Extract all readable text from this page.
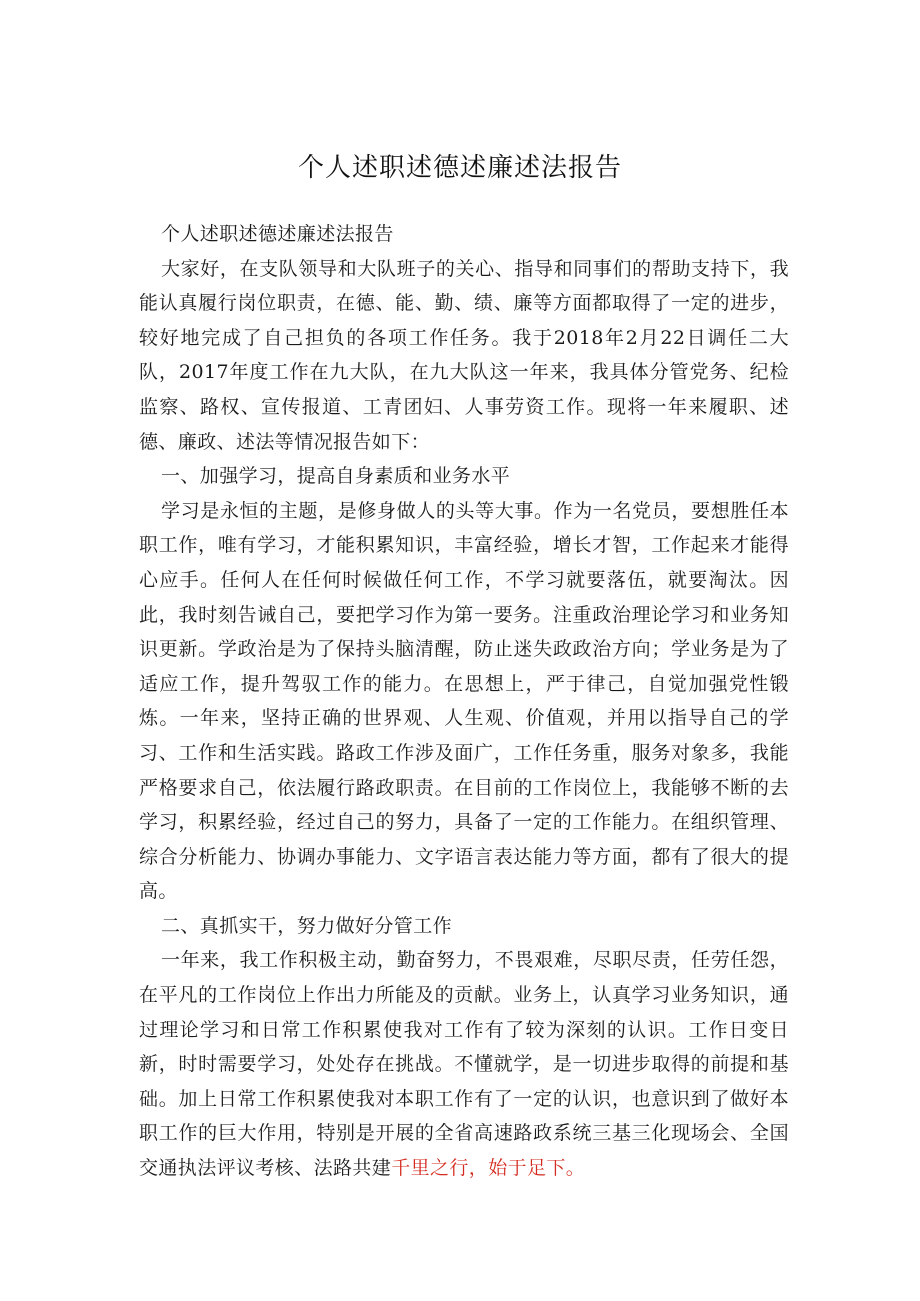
个人述职述德述廉述法报告

个人述职述德述廉述法报告

大家好，在支队领导和大队班子的关心、指导和同事们的帮助支持下，我能认真履行岗位职责，在德、能、勤、绩、廉等方面都取得了一定的进步，较好地完成了自己担负的各项工作任务。我于2018年2月22日调任二大队，2017年度工作在九大队，在九大队这一年来，我具体分管党务、纪检监察、路权、宣传报道、工青团妇、人事劳资工作。现将一年来履职、述德、廉政、述法等情况报告如下：

一、加强学习，提高自身素质和业务水平

学习是永恒的主题，是修身做人的头等大事。作为一名党员，要想胜任本职工作，唯有学习，才能积累知识，丰富经验，增长才智，工作起来才能得心应手。任何人在任何时候做任何工作，不学习就要落伍，就要淘汰。因此，我时刻告诫自己，要把学习作为第一要务。注重政治理论学习和业务知识更新。学政治是为了保持头脑清醒，防止迷失政政治方向；学业务是为了适应工作，提升驾驭工作的能力。在思想上，严于律己，自觉加强党性锻炼。一年来，坚持正确的世界观、人生观、价值观，并用以指导自己的学习、工作和生活实践。路政工作涉及面广，工作任务重，服务对象多，我能严格要求自己，依法履行路政职责。在目前的工作岗位上，我能够不断的去学习，积累经验，经过自己的努力，具备了一定的工作能力。在组织管理、综合分析能力、协调办事能力、文字语言表达能力等方面，都有了很大的提高。

二、真抓实干，努力做好分管工作

一年来，我工作积极主动，勤奋努力，不畏艰难，尽职尽责，任劳任怨，在平凡的工作岗位上作出力所能及的贡献。业务上，认真学习业务知识，通过理论学习和日常工作积累使我对工作有了较为深刻的认识。工作日变日新，时时需要学习，处处存在挑战。不懂就学，是一切进步取得的前提和基础。加上日常工作积累使我对本职工作有了一定的认识，也意识到了做好本职工作的巨大作用，特别是开展的全省高速路政系统三基三化现场会、全国交通执法评议考核、法路共建千里之行，始于足下。
